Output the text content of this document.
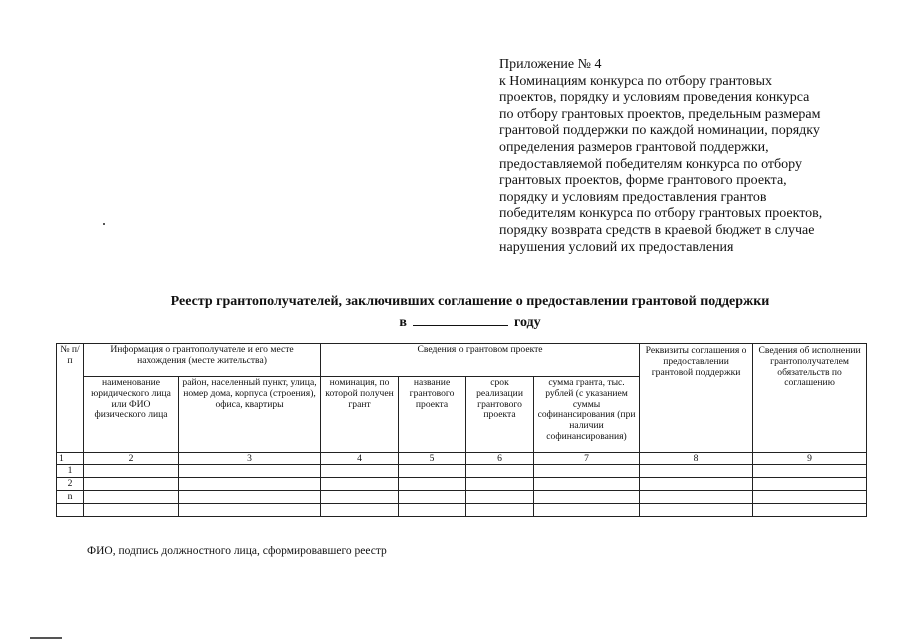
Приложение № 4
к Номинациям конкурса по отбору грантовых
проектов, порядку и условиям проведения конкурса
по отбору грантовых проектов, предельным размерам
грантовой поддержки по каждой номинации, порядку
определения размеров грантовой поддержки,
предоставляемой победителям конкурса по отбору
грантовых проектов, форме грантового проекта,
порядку и условиям предоставления грантов
победителям конкурса по отбору грантовых проектов,
порядку возврата средств в краевой бюджет в случае
нарушения условий их предоставления
Реестр грантополучателей, заключивших соглашение о предоставлении грантовой поддержки
в	году
№ п/п	Информация о грантополучателе и его месте нахождения (месте жительства)		Сведения о грантовом проекте				Реквизиты соглашения о предоставлении грантовой поддержки	Сведения об исполнении грантополучателем обязательств по соглашению
	наименование юридического лица или ФИО физического лица	район, населенный пункт, улица, номер дома, корпуса (строения), офиса, квартиры	номинация, по которой получен грант	название грантового проекта	срок реализации грантового проекта	сумма гранта, тыс. рублей (с указанием суммы софинансирования (при наличии софинансирования)		
1	2	3	4	5	6	7	8	9
1								
2								
n								

ФИО, подпись должностного лица, сформировавшего реестр
